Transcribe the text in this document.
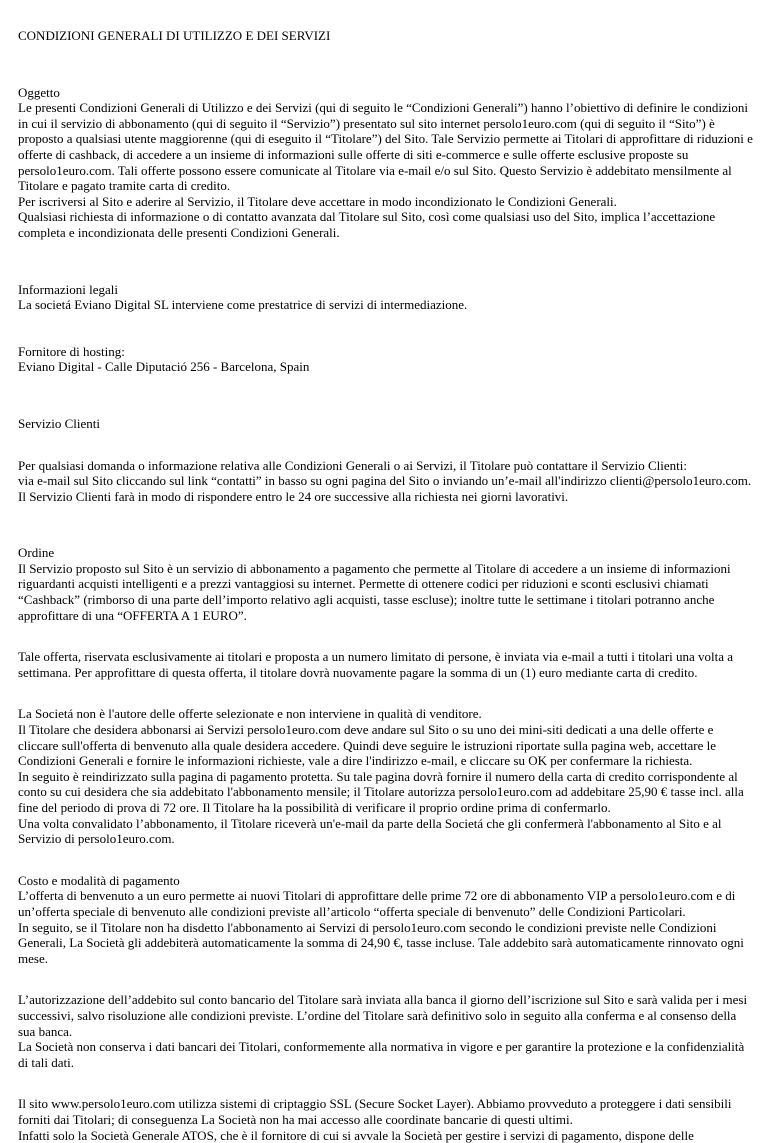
CONDIZIONI GENERALI DI UTILIZZO E DEI SERVIZI

Oggetto

Le presenti Condizioni Generali di Utilizzo e dei Servizi (qui di seguito le “Condizioni Generali”) hanno l’obiettivo di definire le condizioni in cui il servizio di abbonamento (qui di seguito il “Servizio”) presentato sul sito internet persolo1euro.com (qui di seguito il “Sito”) è proposto a qualsiasi utente maggiorenne (qui di eseguito il “Titolare”) del Sito. Tale Servizio permette ai Titolari di approfittare di riduzioni e offerte di cashback, di accedere a un insieme di informazioni sulle offerte di siti e-commerce e sulle offerte esclusive proposte su persolo1euro.com. Tali offerte possono essere comunicate al Titolare via e-mail e/o sul Sito. Questo Servizio è addebitato mensilmente al Titolare e pagato tramite carta di credito.

Per iscriversi al Sito e aderire al Servizio, il Titolare deve accettare in modo incondizionato le Condizioni Generali.

Qualsiasi richiesta di informazione o di contatto avanzata dal Titolare sul Sito, così come qualsiasi uso del Sito, implica l’accettazione completa e incondizionata delle presenti Condizioni Generali.

Informazioni legali

La societá Eviano Digital SL interviene come prestatrice di servizi di intermediazione.

Fornitore di hosting:

Eviano Digital - Calle Diputació 256 - Barcelona, Spain

Servizio Clienti

Per qualsiasi domanda o informazione relativa alle Condizioni Generali o ai Servizi, il Titolare può contattare il Servizio Clienti:

via e-mail sul Sito cliccando sul link “contatti” in basso su ogni pagina del Sito o inviando un’e-mail all'indirizzo clienti@persolo1euro.com.

Il Servizio Clienti farà in modo di rispondere entro le 24 ore successive alla richiesta nei giorni lavorativi.

Ordine

Il Servizio proposto sul Sito è un servizio di abbonamento a pagamento che permette al Titolare di accedere a un insieme di informazioni riguardanti acquisti intelligenti e a prezzi vantaggiosi su internet. Permette di ottenere codici per riduzioni e sconti esclusivi chiamati “Cashback” (rimborso di una parte dell’importo relativo agli acquisti, tasse escluse); inoltre tutte le settimane i titolari potranno anche approfittare di una “OFFERTA A 1 EURO”.

Tale offerta, riservata esclusivamente ai titolari e proposta a un numero limitato di persone, è inviata via e-mail a tutti i titolari una volta a settimana. Per approfittare di questa offerta, il titolare dovrà nuovamente pagare la somma di un (1) euro mediante carta di credito.

La Societá non è l'autore delle offerte selezionate e non interviene in qualità di venditore.

Il Titolare che desidera abbonarsi ai Servizi persolo1euro.com deve andare sul Sito o su uno dei mini-siti dedicati a una delle offerte e cliccare sull'offerta di benvenuto alla quale desidera accedere. Quindi deve seguire le istruzioni riportate sulla pagina web, accettare le Condizioni Generali e fornire le informazioni richieste, vale a dire l'indirizzo e-mail, e cliccare su OK per confermare la richiesta.

In seguito è reindirizzato sulla pagina di pagamento protetta. Su tale pagina dovrà fornire il numero della carta di credito corrispondente al conto su cui desidera che sia addebitato l'abbonamento mensile; il Titolare autorizza persolo1euro.com ad addebitare 25,90 € tasse incl. alla fine del periodo di prova di 72 ore. Il Titolare ha la possibilità di verificare il proprio ordine prima di confermarlo.

Una volta convalidato l’abbonamento, il Titolare riceverà un'e-mail da parte della Societá che gli confermerà l'abbonamento al Sito e al Servizio di persolo1euro.com.

Costo e modalità di pagamento

L’offerta di benvenuto a un euro permette ai nuovi Titolari di approfittare delle prime 72 ore di abbonamento VIP a persolo1euro.com e di un’offerta speciale di benvenuto alle condizioni previste all’articolo “offerta speciale di benvenuto” delle Condizioni Particolari.

In seguito, se il Titolare non ha disdetto l'abbonamento ai Servizi di persolo1euro.com secondo le condizioni previste nelle Condizioni Generali, La Società gli addebiterà automaticamente la somma di 24,90 €, tasse incluse. Tale addebito sarà automaticamente rinnovato ogni mese.

L’autorizzazione dell’addebito sul conto bancario del Titolare sarà inviata alla banca il giorno dell’iscrizione sul Sito e sarà valida per i mesi successivi, salvo risoluzione alle condizioni previste. L’ordine del Titolare sarà definitivo solo in seguito alla conferma e al consenso della sua banca.

La Società non conserva i dati bancari dei Titolari, conformemente alla normativa in vigore e per garantire la protezione e la confidenzialità di tali dati.

Il sito www.persolo1euro.com utilizza sistemi di criptaggio SSL (Secure Socket Layer). Abbiamo provveduto a proteggere i dati sensibili forniti dai Titolari; di conseguenza La Società non ha mai accesso alle coordinate bancarie di questi ultimi.

Infatti solo la Società Generale ATOS, che è il fornitore di cui si avvale la Società per gestire i servizi di pagamento, dispone delle
